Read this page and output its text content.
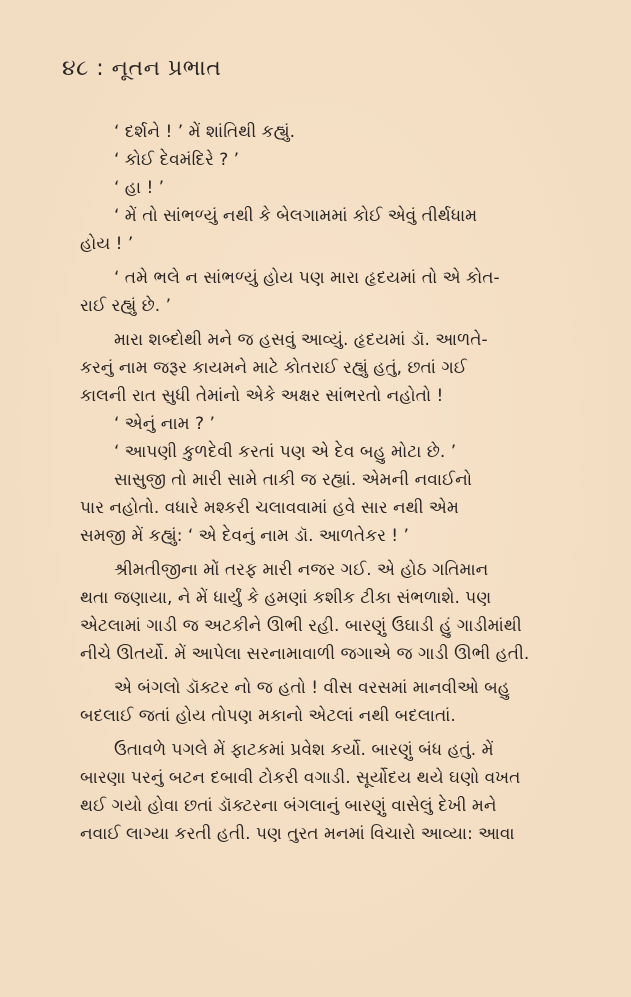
૪૮ : નૂતન પ્રભાત
‘ દર્શને ! ’ મેં શાંતિથી કહ્યું.
‘ કોઈ દેવમંદિરે ? ’
‘ હા ! ’
‘ મેં તો સાંભળ્યું નથી કે બેલગામમાં કોઈ એવું તીર્થધામ
હોય ! ’
‘ તમે ભલે ન સાંભળ્યું હોય પણ મારા હૃદયમાં તો એ કોત-
રાઈ રહ્યું છે. ’
મારા શબ્દોથી મને જ હસવું આવ્યું. હૃદયમાં ડૉ. આળતે-
કરનું નામ જરૂર કાયમને માટે કોતરાઈ રહ્યું હતું, છતાં ગઈ
કાલની રાત સુધી તેમાંનો એકે અક્ષર સાંભરતો નહોતો !
‘ એનું નામ ? ’
‘ આપણી કુળદેવી કરતાં પણ એ દેવ બહુ મોટા છે. ’
સાસુજી તો મારી સામે તાકી જ રહ્યાં. એમની નવાઈનો
પાર નહોતો. વધારે મશ્કરી ચલાવવામાં હવે સાર નથી એમ
સમજી મેં કહ્યું: ‘ એ દેવનું નામ ડૉ. આળતેકર ! ’
શ્રીમતીજીના મોં તરફ મારી નજર ગઈ. એ હોઠ ગતિમાન
થતા જણાયા, ને મેં ધાર્યું કે હમણાં કશીક ટીકા સંભળાશે. પણ
એટલામાં ગાડી જ અટકીને ઊભી રહી. બારણું ઉઘાડી હું ગાડીમાંથી
નીચે ઊતર્યો. મેં આપેલા સરનામાવાળી જગાએ જ ગાડી ઊભી હતી.
એ બંગલો ડૉક્ટર નો જ હતો ! વીસ વરસમાં માનવીઓ બહુ
બદલાઈ જતાં હોય તોપણ મકાનો એટલાં નથી બદલાતાં.
ઉતાવળે પગલે મેં ફાટકમાં પ્રવેશ કર્યો. બારણું બંધ હતું. મેં
બારણા પરનું બટન દબાવી ટોકરી વગાડી. સૂર્યોદય થયે ઘણો વખત
થઈ ગયો હોવા છતાં ડૉક્ટરના બંગલાનું બારણું વાસેલું દેખી મને
નવાઈ લાગ્યા કરતી હતી. પણ તુરત મનમાં વિચારો આવ્યા: આવા
